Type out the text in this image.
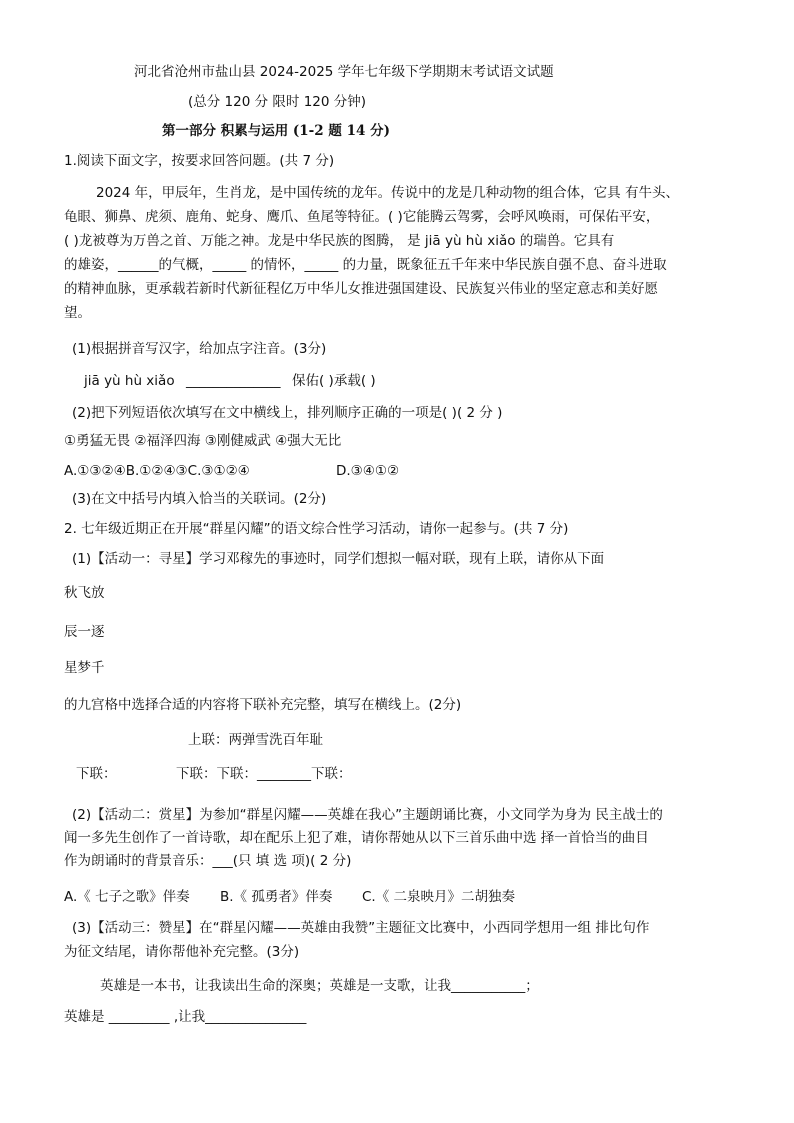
河北省沧州市盐山县 2024-2025 学年七年级下学期期末考试语文试题
(总分 120 分 限时 120 分钟)
第一部分 积累与运用 (1-2 题 14 分)
1.阅读下面文字，按要求回答问题。(共 7 分)
2024 年，甲辰年，生肖龙，是中国传统的龙年。传说中的龙是几种动物的组合体，它具 有牛头、
龟眼、狮鼻、虎须、鹿角、蛇身、鹰爪、鱼尾等特征。( )它能腾云驾雾，会呼风唤雨，可保佑平安，
( )龙被尊为万兽之首、万能之神。龙是中华民族的图腾， 是 jiā yù hù xiǎo 的瑞兽。它具有
的雄姿，______的气概，_____ 的情怀，_____ 的力量，既象征五千年来中华民族自强不息、奋斗进取
的精神血脉，更承载若新时代新征程亿万中华儿女推进强国建设、民族复兴伟业的坚定意志和美好愿
望。
(1)根据拼音写汉字，给加点字注音。(3分)
jiā yù hù xiǎo ______________ 保佑( )承载( )
(2)把下列短语依次填写在文中横线上，排列顺序正确的一项是( )( 2 分 )
①勇猛无畏 ②福泽四海 ③刚健威武 ④强大无比
A.①③②④B.①②④③C.③①②④	D.③④①②
(3)在文中括号内填入恰当的关联词。(2分)
2. 七年级近期正在开展“群星闪耀”的语文综合性学习活动，请你一起参与。(共 7 分)
(1)【活动一：寻星】学习邓稼先的事迹时，同学们想拟一幅对联，现有上联，请你从下面
秋飞放
辰一逐
星梦千
的九宫格中选择合适的内容将下联补充完整，填写在横线上。(2分)
上联：两弹雪洗百年耻
下联：	下联：下联：________下联：
(2)【活动二：赏星】为参加“群星闪耀——英雄在我心”主题朗诵比赛，小文同学为身为 民主战士的
闻一多先生创作了一首诗歌，却在配乐上犯了难，请你帮她从以下三首乐曲中选 择一首恰当的曲目
作为朗诵时的背景音乐：___(只 填 选 项)( 2 分)
A.《 七子之歌》伴奏 B.《 孤勇者》伴奏 C.《 二泉映月》二胡独奏
(3)【活动三：赞星】在“群星闪耀——英雄由我赞”主题征文比赛中，小西同学想用一组 排比句作
为征文结尾，请你帮他补充完整。(3分)
英雄是一本书，让我读出生命的深奥；英雄是一支歌，让我___________；
英雄是 _________ ,让我_______________
